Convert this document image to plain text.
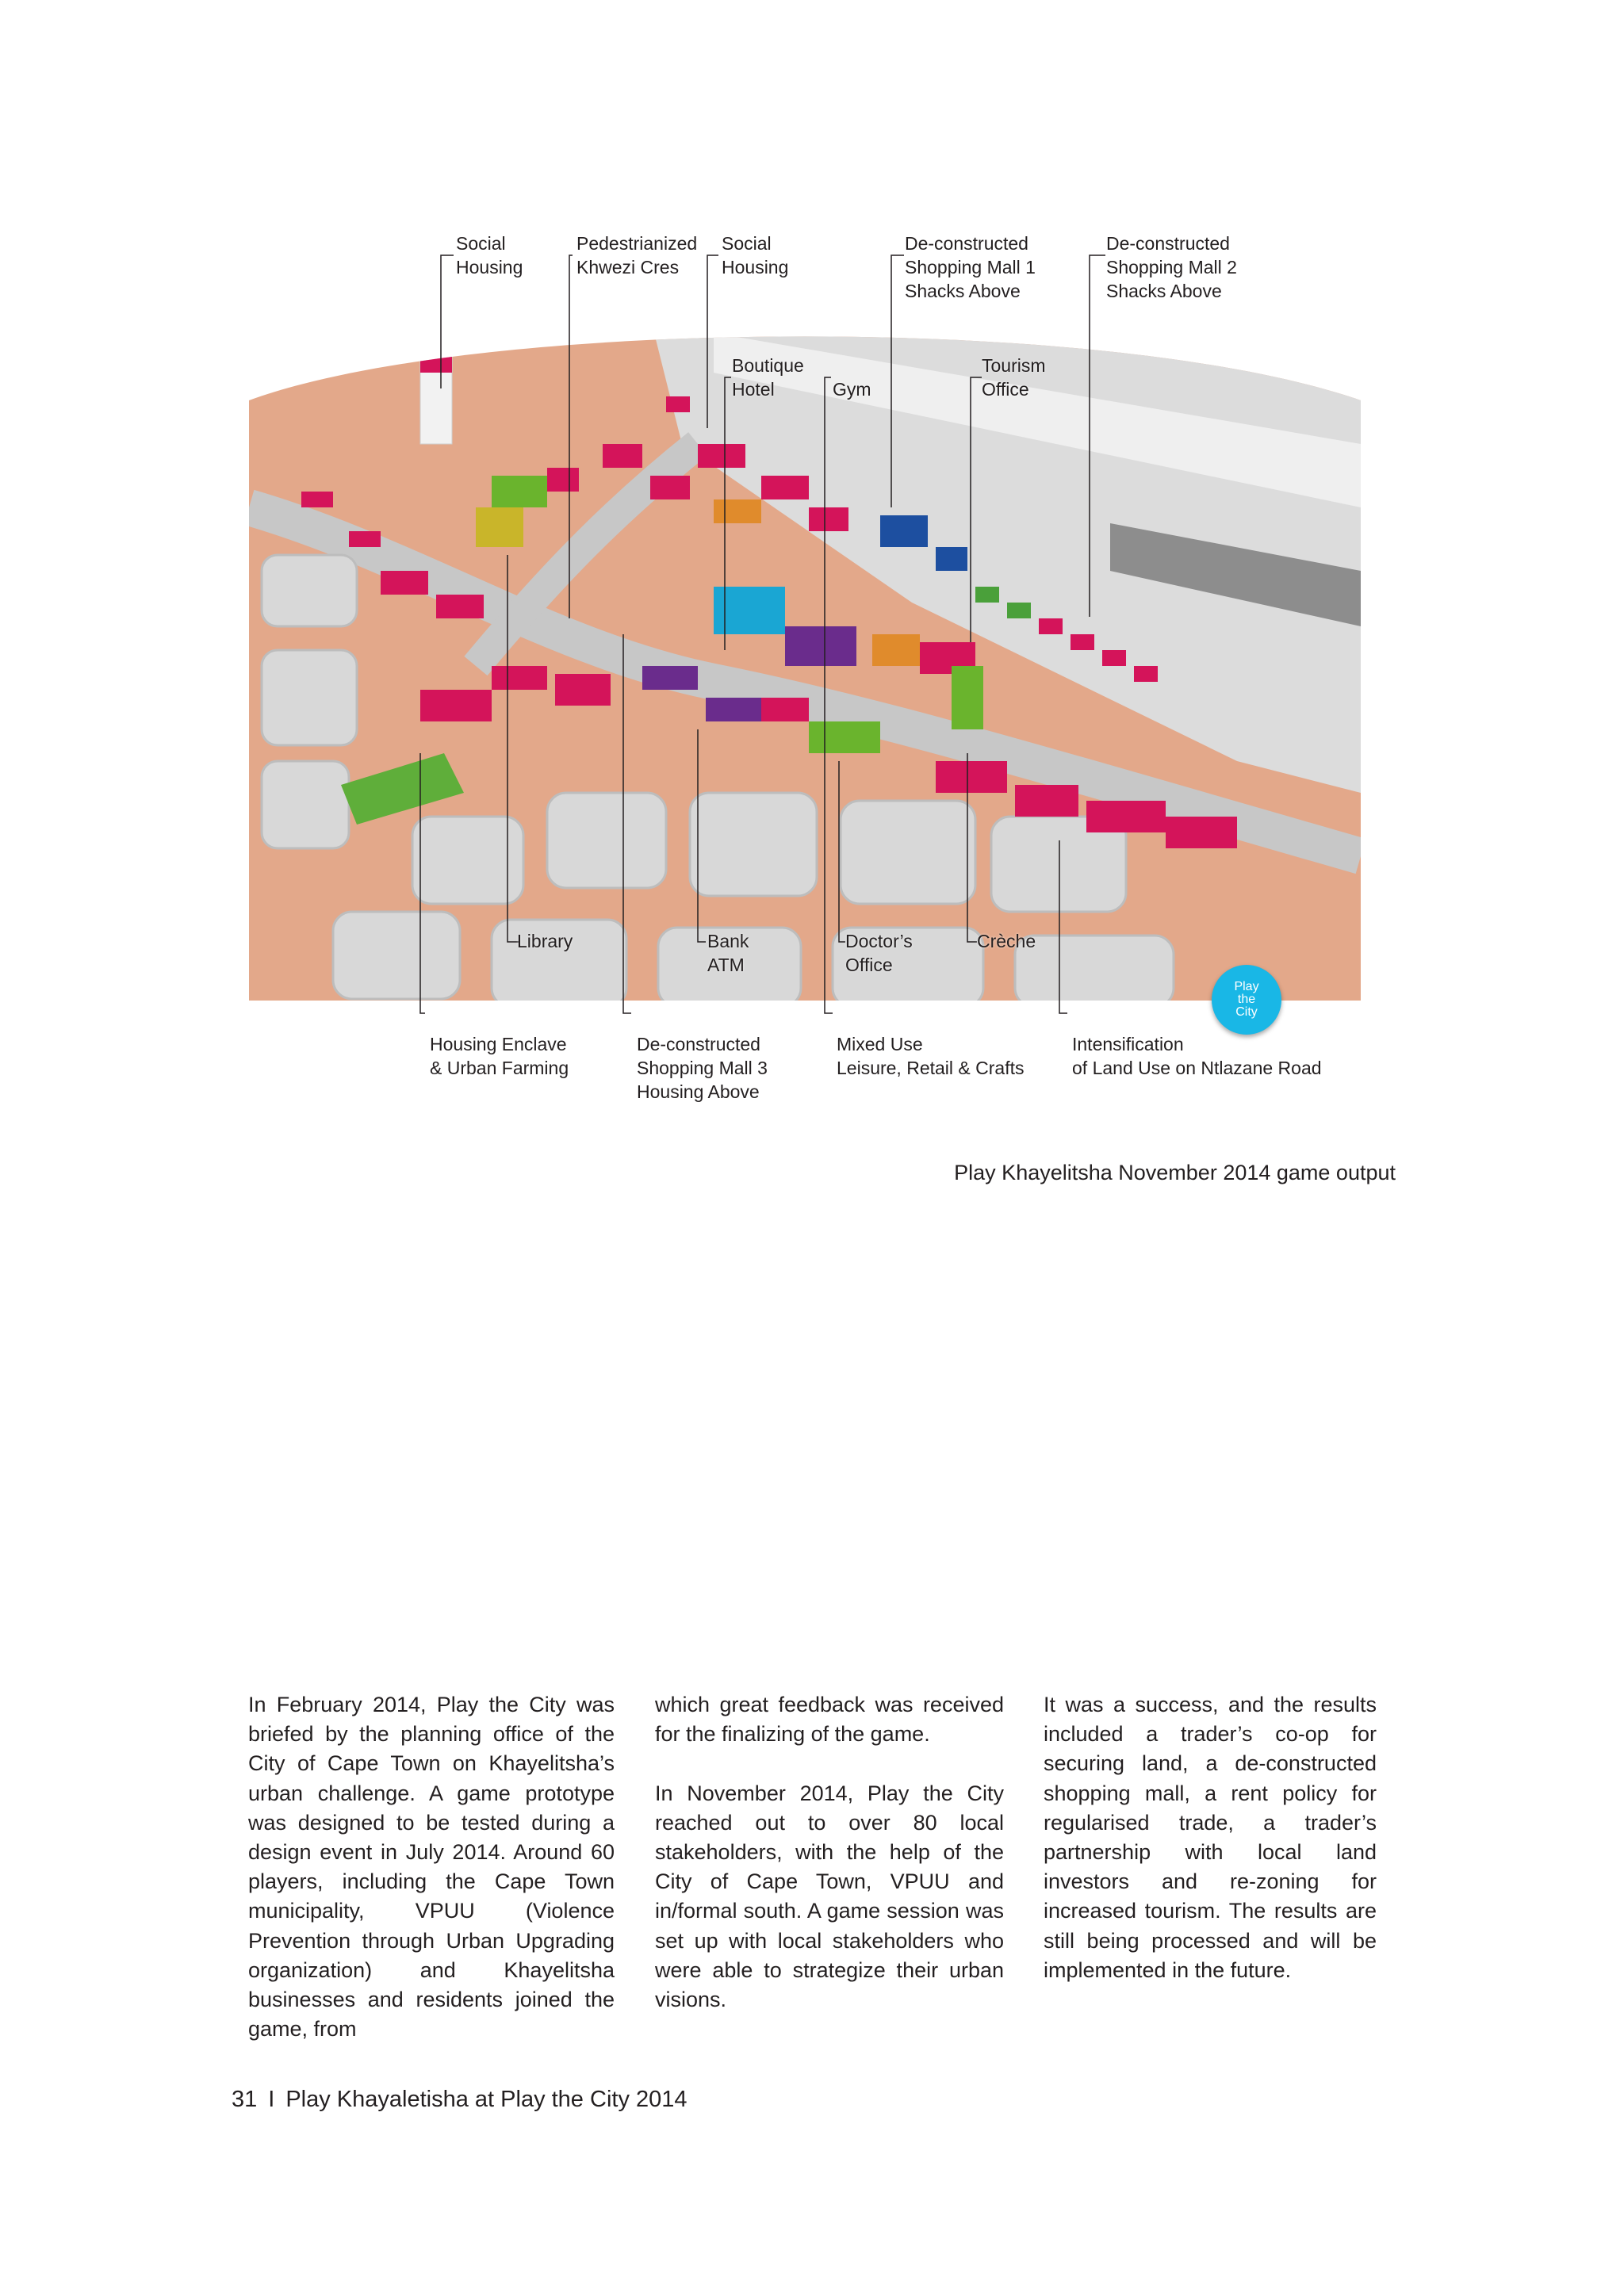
Social
Housing
Pedestrianized
Khwezi Cres
Social
Housing
De-constructed
Shopping Mall 1
Shacks Above
De-constructed
Shopping Mall 2
Shacks Above
Boutique
Hotel	Gym
Tourism
Office
Library	Bank
ATM
Doctor’s
Office
Crèche
Housing Enclave
& Urban Farming
De-constructed
Shopping Mall 3
Housing Above
Mixed Use
Leisure, Retail & Crafts
Intensification
of Land Use on Ntlazane Road
Play
the
City
Play Khayelitsha November 2014 game output

In February 2014, Play the City was briefed by the planning office of the City of Cape Town on Khayelitsha’s urban challenge. A game prototype was designed to be tested during a design event in July 2014. Around 60 players, including the Cape Town municipality, VPUU (Violence Prevention through Urban Upgrading organization) and Khayelitsha businesses and residents joined the game, from

which great feedback was received for the finalizing of the game.

In November 2014, Play the City reached out to over 80 local stakeholders, with the help of the City of Cape Town, VPUU and in/formal south. A game session was set up with local stakeholders who were able to strategize their urban visions.

It was a success, and the results included a trader’s co-op for securing land, a de-constructed shopping mall, a rent policy for regularised trade, a trader’s partnership with local land investors and re-zoning for increased tourism. The results are still being processed and will be implemented in the future.

31 I Play Khayaletisha at Play the City 2014
